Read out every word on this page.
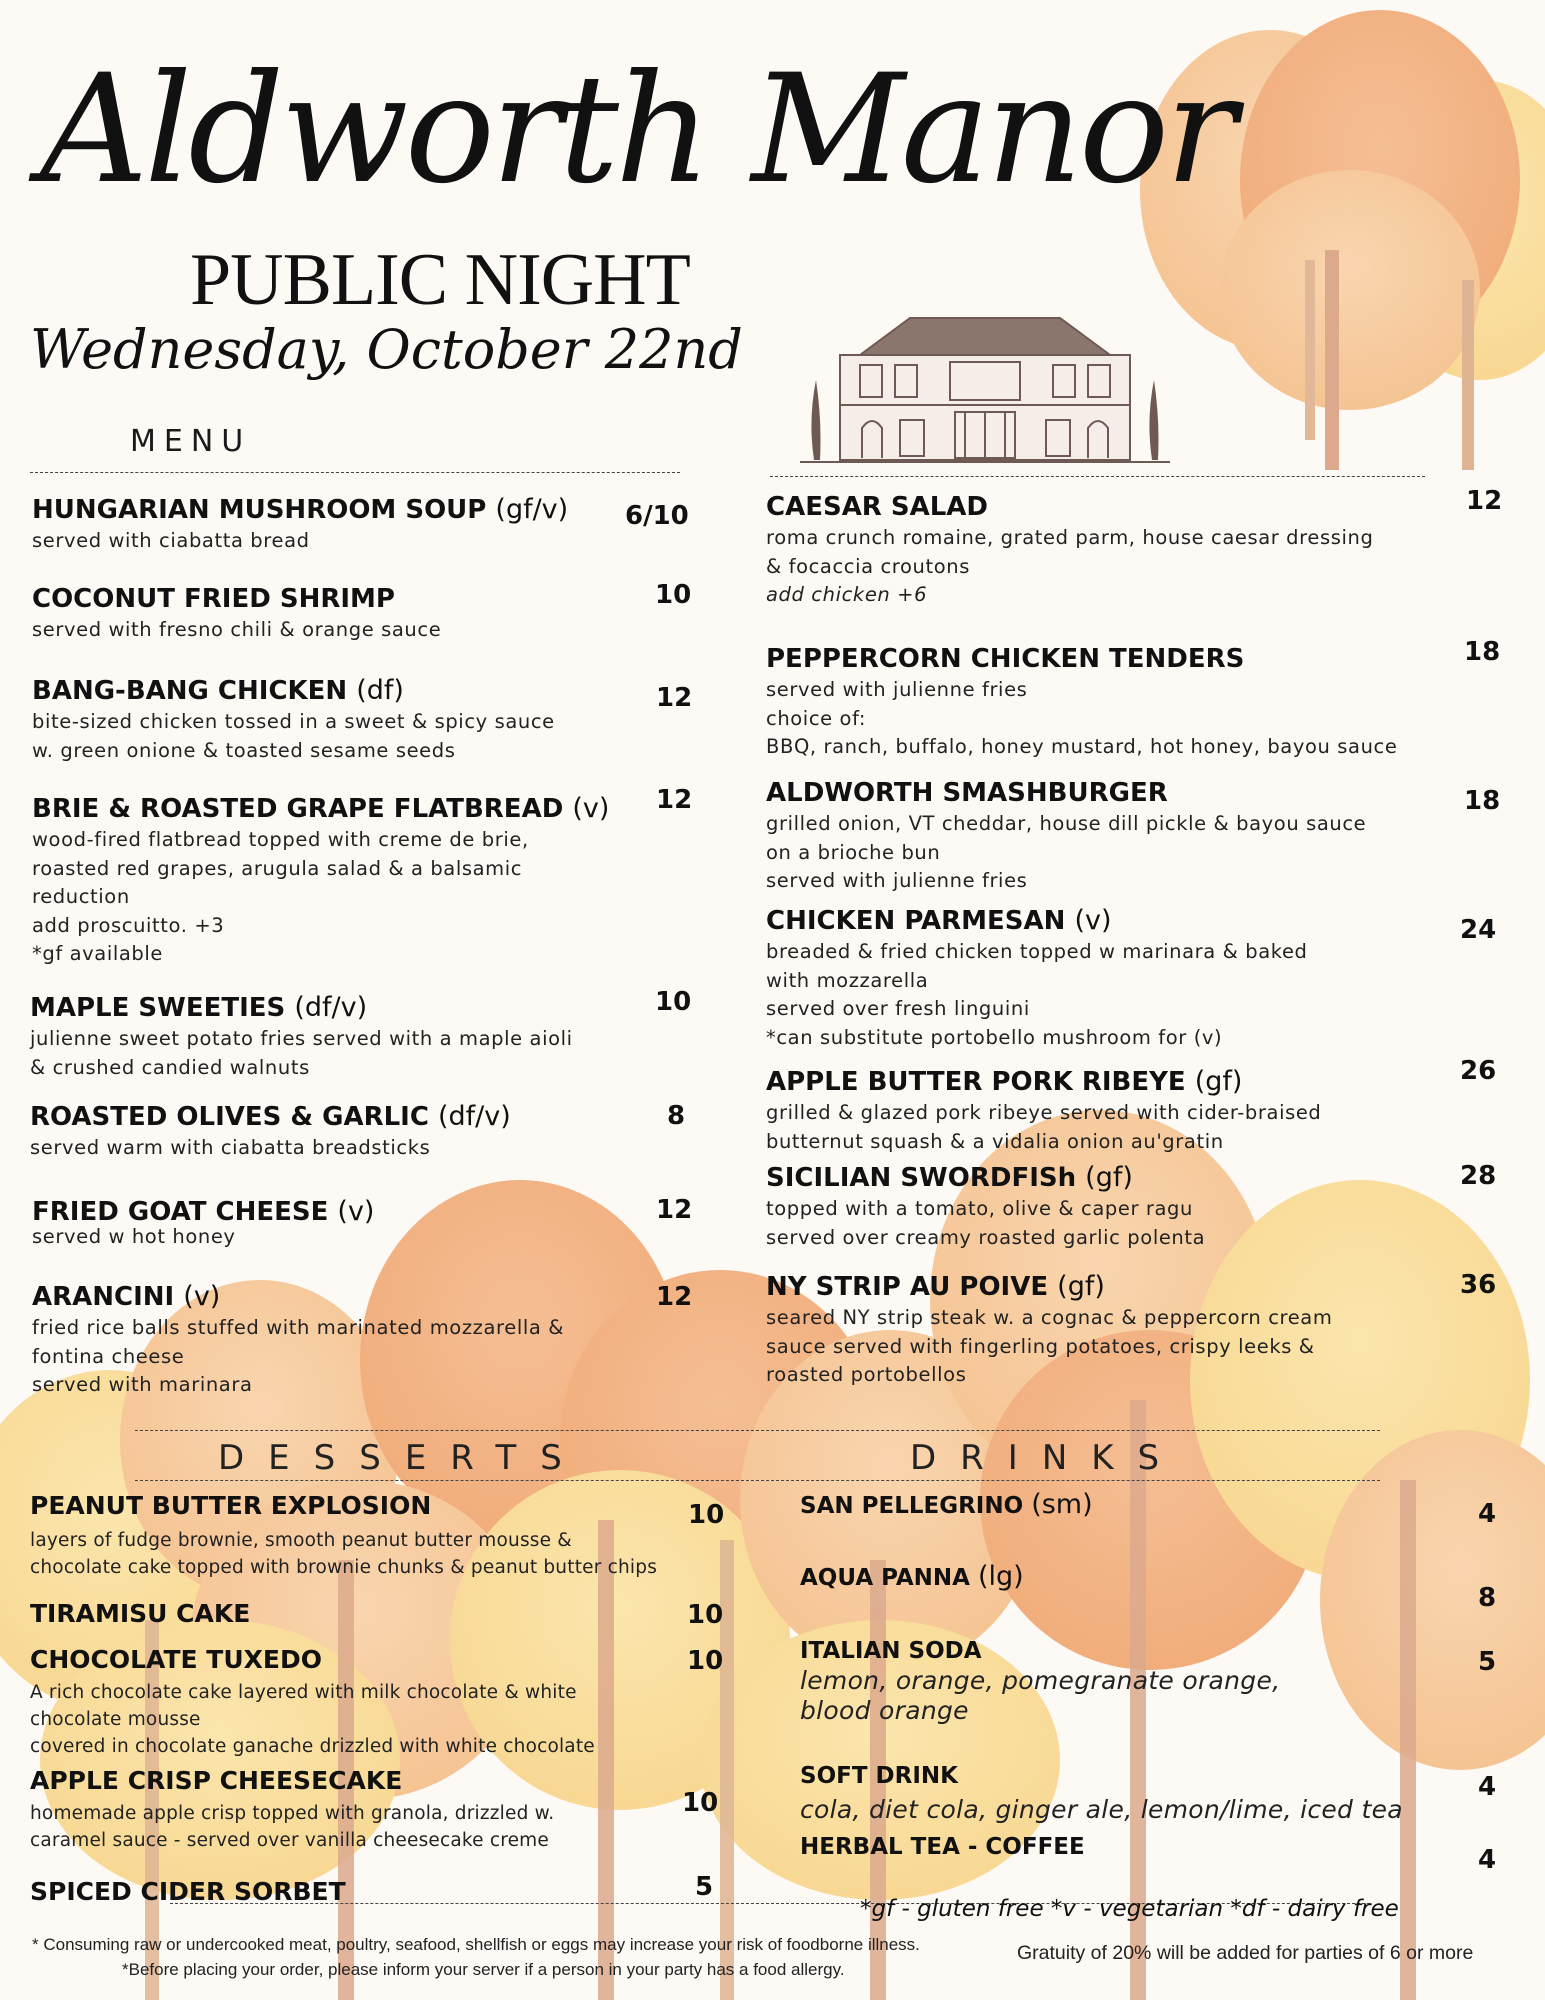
Aldworth Manor
PUBLIC NIGHT
Wednesday, October 22nd
MENU
HUNGARIAN MUSHROOM SOUP (gf/v)
served with ciabatta bread
6/10
COCONUT FRIED SHRIMP
served with fresno chili & orange sauce
10
BANG-BANG CHICKEN (df)
bite-sized chicken tossed in a sweet & spicy sauce
w. green onione & toasted sesame seeds
12
BRIE & ROASTED GRAPE FLATBREAD (v)
wood-fired flatbread topped with creme de brie,
roasted red grapes, arugula salad & a balsamic
reduction
add proscuitto. +3
*gf available
12
MAPLE SWEETIES (df/v)
julienne sweet potato fries served with a maple aioli
& crushed candied walnuts
10
ROASTED OLIVES & GARLIC (df/v)
served warm with ciabatta breadsticks
8
FRIED GOAT CHEESE (v)
served w hot honey
12
ARANCINI (v)
fried rice balls stuffed with marinated mozzarella &
fontina cheese
served with marinara
12
CAESAR SALAD
roma crunch romaine, grated parm, house caesar dressing
& focaccia croutons
add chicken +6
12
PEPPERCORN CHICKEN TENDERS
served with julienne fries
choice of:
BBQ, ranch, buffalo, honey mustard, hot honey, bayou sauce
18
ALDWORTH SMASHBURGER
grilled onion, VT cheddar, house dill pickle & bayou sauce
on a brioche bun
served with julienne fries
18
CHICKEN PARMESAN (v)
breaded & fried chicken topped w marinara & baked
with mozzarella
served over fresh linguini
*can substitute portobello mushroom for (v)
24
APPLE BUTTER PORK RIBEYE (gf)
grilled & glazed pork ribeye served with cider-braised
butternut squash & a vidalia onion au'gratin
26
SICILIAN SWORDFISh (gf)
topped with a tomato, olive & caper ragu
served over creamy roasted garlic polenta
28
NY STRIP AU POIVE (gf)
seared NY strip steak w. a cognac & peppercorn cream
sauce served with fingerling potatoes, crispy leeks &
roasted portobellos
36
DESSERTS	DRINKS
PEANUT BUTTER EXPLOSION
layers of fudge brownie, smooth peanut butter mousse &
chocolate cake topped with brownie chunks & peanut butter chips
10
TIRAMISU CAKE	10
CHOCOLATE TUXEDO
A rich chocolate cake layered with milk chocolate & white
chocolate mousse
covered in chocolate ganache drizzled with white chocolate
10
APPLE CRISP CHEESECAKE
homemade apple crisp topped with granola, drizzled w.
caramel sauce - served over vanilla cheesecake creme
10
SPICED CIDER SORBET	5
SAN PELLEGRINO (sm)	4
AQUA PANNA (lg)
8
ITALIAN SODA
lemon, orange, pomegranate orange,
blood orange
5
SOFT DRINK
cola, diet cola, ginger ale, lemon/lime, iced tea
4
HERBAL TEA - COFFEE	4
*gf - gluten free *v - vegetarian *df - dairy free
* Consuming raw or undercooked meat, poultry, seafood, shellfish or eggs may increase your risk of foodborne illness.
*Before placing your order, please inform your server if a person in your party has a food allergy.
Gratuity of 20% will be added for parties of 6 or more
